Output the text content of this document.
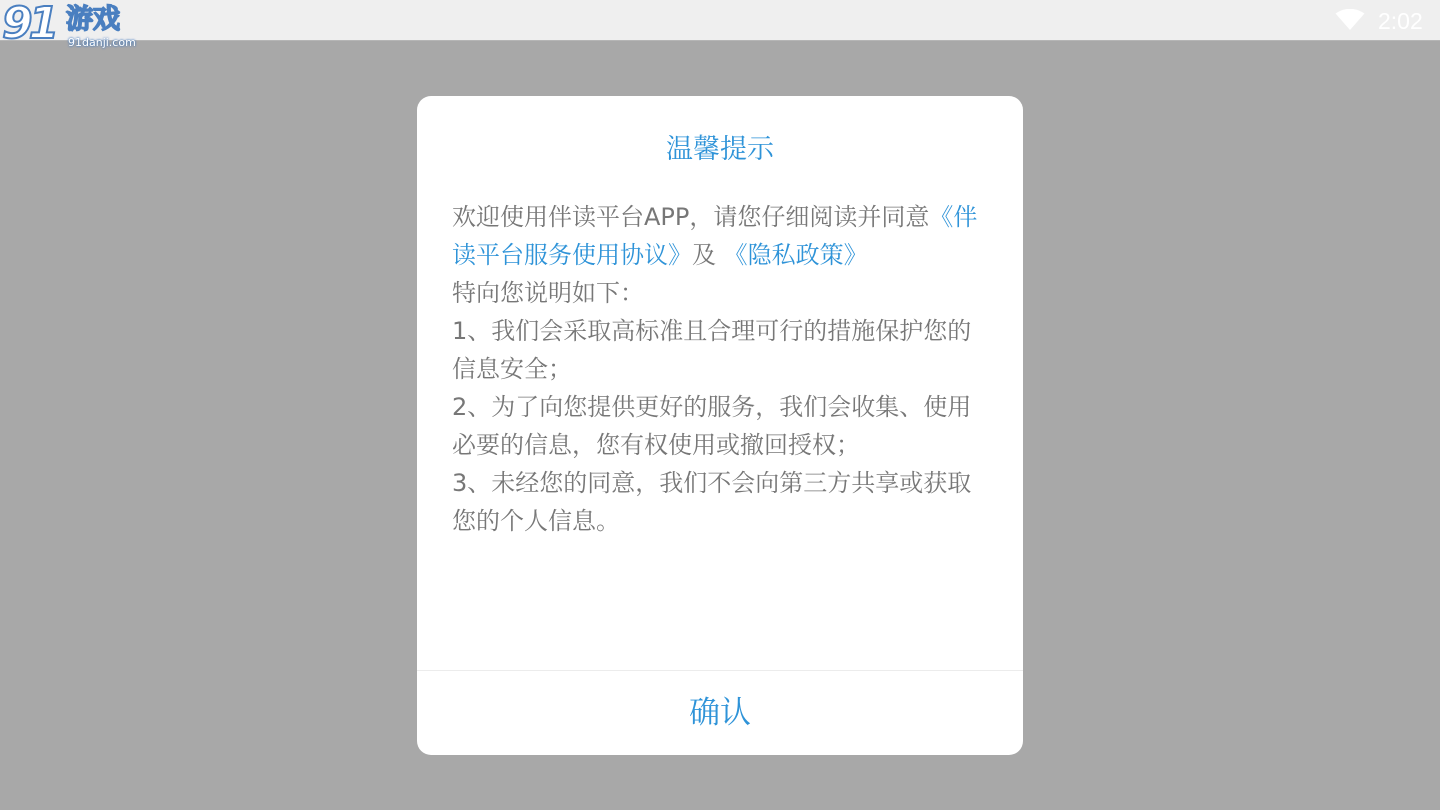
91 游戏
91danji.com
2:02
温馨提示

欢迎使用伴读平台APP，请您仔细阅读并同意《伴读平台服务使用协议》及 《隐私政策》

特向您说明如下：

1、我们会采取高标准且合理可行的措施保护您的信息安全；

2、为了向您提供更好的服务，我们会收集、使用必要的信息，您有权使用或撤回授权；

3、未经您的同意，我们不会向第三方共享或获取您的个人信息。

确认
